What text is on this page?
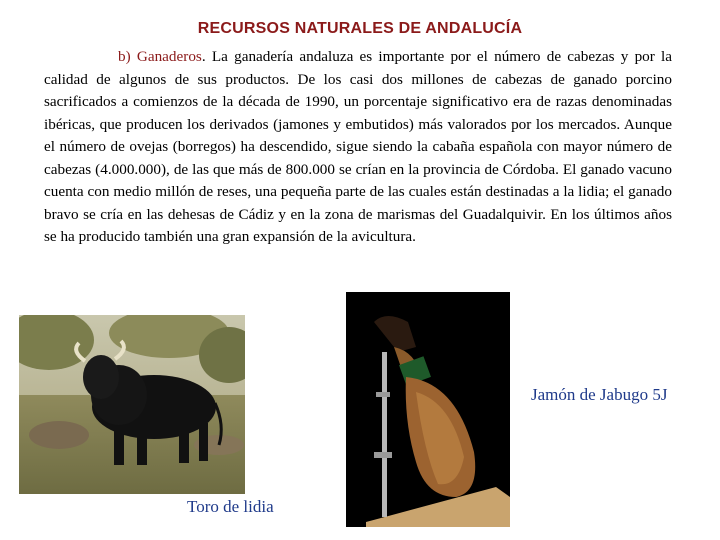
RECURSOS NATURALES DE ANDALUCÍA
b) Ganaderos. La ganadería andaluza es importante por el número de cabezas y por la calidad de algunos de sus productos. De los casi dos millones de cabezas de ganado porcino sacrificados a comienzos de la década de 1990, un porcentaje significativo era de razas denominadas ibéricas, que producen los derivados (jamones y embutidos) más valorados por los mercados. Aunque el número de ovejas (borregos) ha descendido, sigue siendo la cabaña española con mayor número de cabezas (4.000.000), de las que más de 800.000 se crían en la provincia de Córdoba. El ganado vacuno cuenta con medio millón de reses, una pequeña parte de las cuales están destinadas a la lidia; el ganado bravo se cría en las dehesas de Cádiz y en la zona de marismas del Guadalquivir. En los últimos años se ha producido también una gran expansión de la avicultura.
Jamón de Jabugo 5J
Toro de lidia
